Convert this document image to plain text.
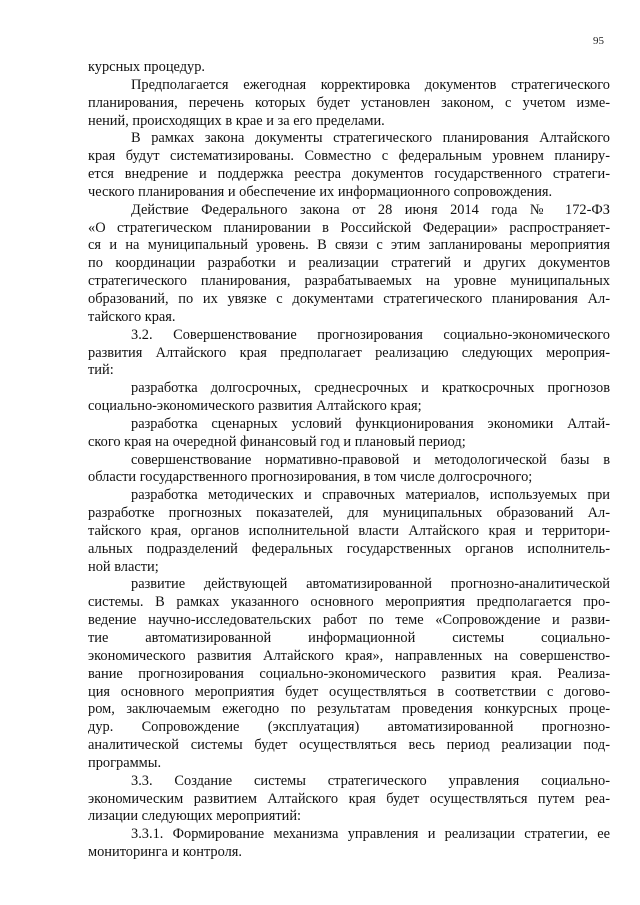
95
курсных процедур.
Предполагается ежегодная корректировка документов стратегического
планирования, перечень которых будет установлен законом, с учетом изме-
нений, происходящих в крае и за его пределами.
В рамках закона документы стратегического планирования Алтайского
края будут систематизированы. Совместно с федеральным уровнем планиру-
ется внедрение и поддержка реестра документов государственного стратеги-
ческого планирования и обеспечение их информационного сопровождения.
Действие Федерального закона от 28 июня 2014 года № 172-ФЗ
«О стратегическом планировании в Российской Федерации» распространяет-
ся и на муниципальный уровень. В связи с этим запланированы мероприятия
по координации разработки и реализации стратегий и других документов
стратегического планирования, разрабатываемых на уровне муниципальных
образований, по их увязке с документами стратегического планирования Ал-
тайского края.
3.2. Совершенствование прогнозирования социально-экономического
развития Алтайского края предполагает реализацию следующих мероприя-
тий:
разработка долгосрочных, среднесрочных и краткосрочных прогнозов
социально-экономического развития Алтайского края;
разработка сценарных условий функционирования экономики Алтай-
ского края на очередной финансовый год и плановый период;
совершенствование нормативно-правовой и методологической базы в
области государственного прогнозирования, в том числе долгосрочного;
разработка методических и справочных материалов, используемых при
разработке прогнозных показателей, для муниципальных образований Ал-
тайского края, органов исполнительной власти Алтайского края и территори-
альных подразделений федеральных государственных органов исполнитель-
ной власти;
развитие действующей автоматизированной прогнозно-аналитической
системы. В рамках указанного основного мероприятия предполагается про-
ведение научно-исследовательских работ по теме «Сопровождение и разви-
тие автоматизированной информационной системы социально-
экономического развития Алтайского края», направленных на совершенство-
вание прогнозирования социально-экономического развития края. Реализа-
ция основного мероприятия будет осуществляться в соответствии с догово-
ром, заключаемым ежегодно по результатам проведения конкурсных проце-
дур. Сопровождение (эксплуатация) автоматизированной прогнозно-
аналитической системы будет осуществляться весь период реализации под-
программы.
3.3. Создание системы стратегического управления социально-
экономическим развитием Алтайского края будет осуществляться путем реа-
лизации следующих мероприятий:
3.3.1. Формирование механизма управления и реализации стратегии, ее
мониторинга и контроля.
